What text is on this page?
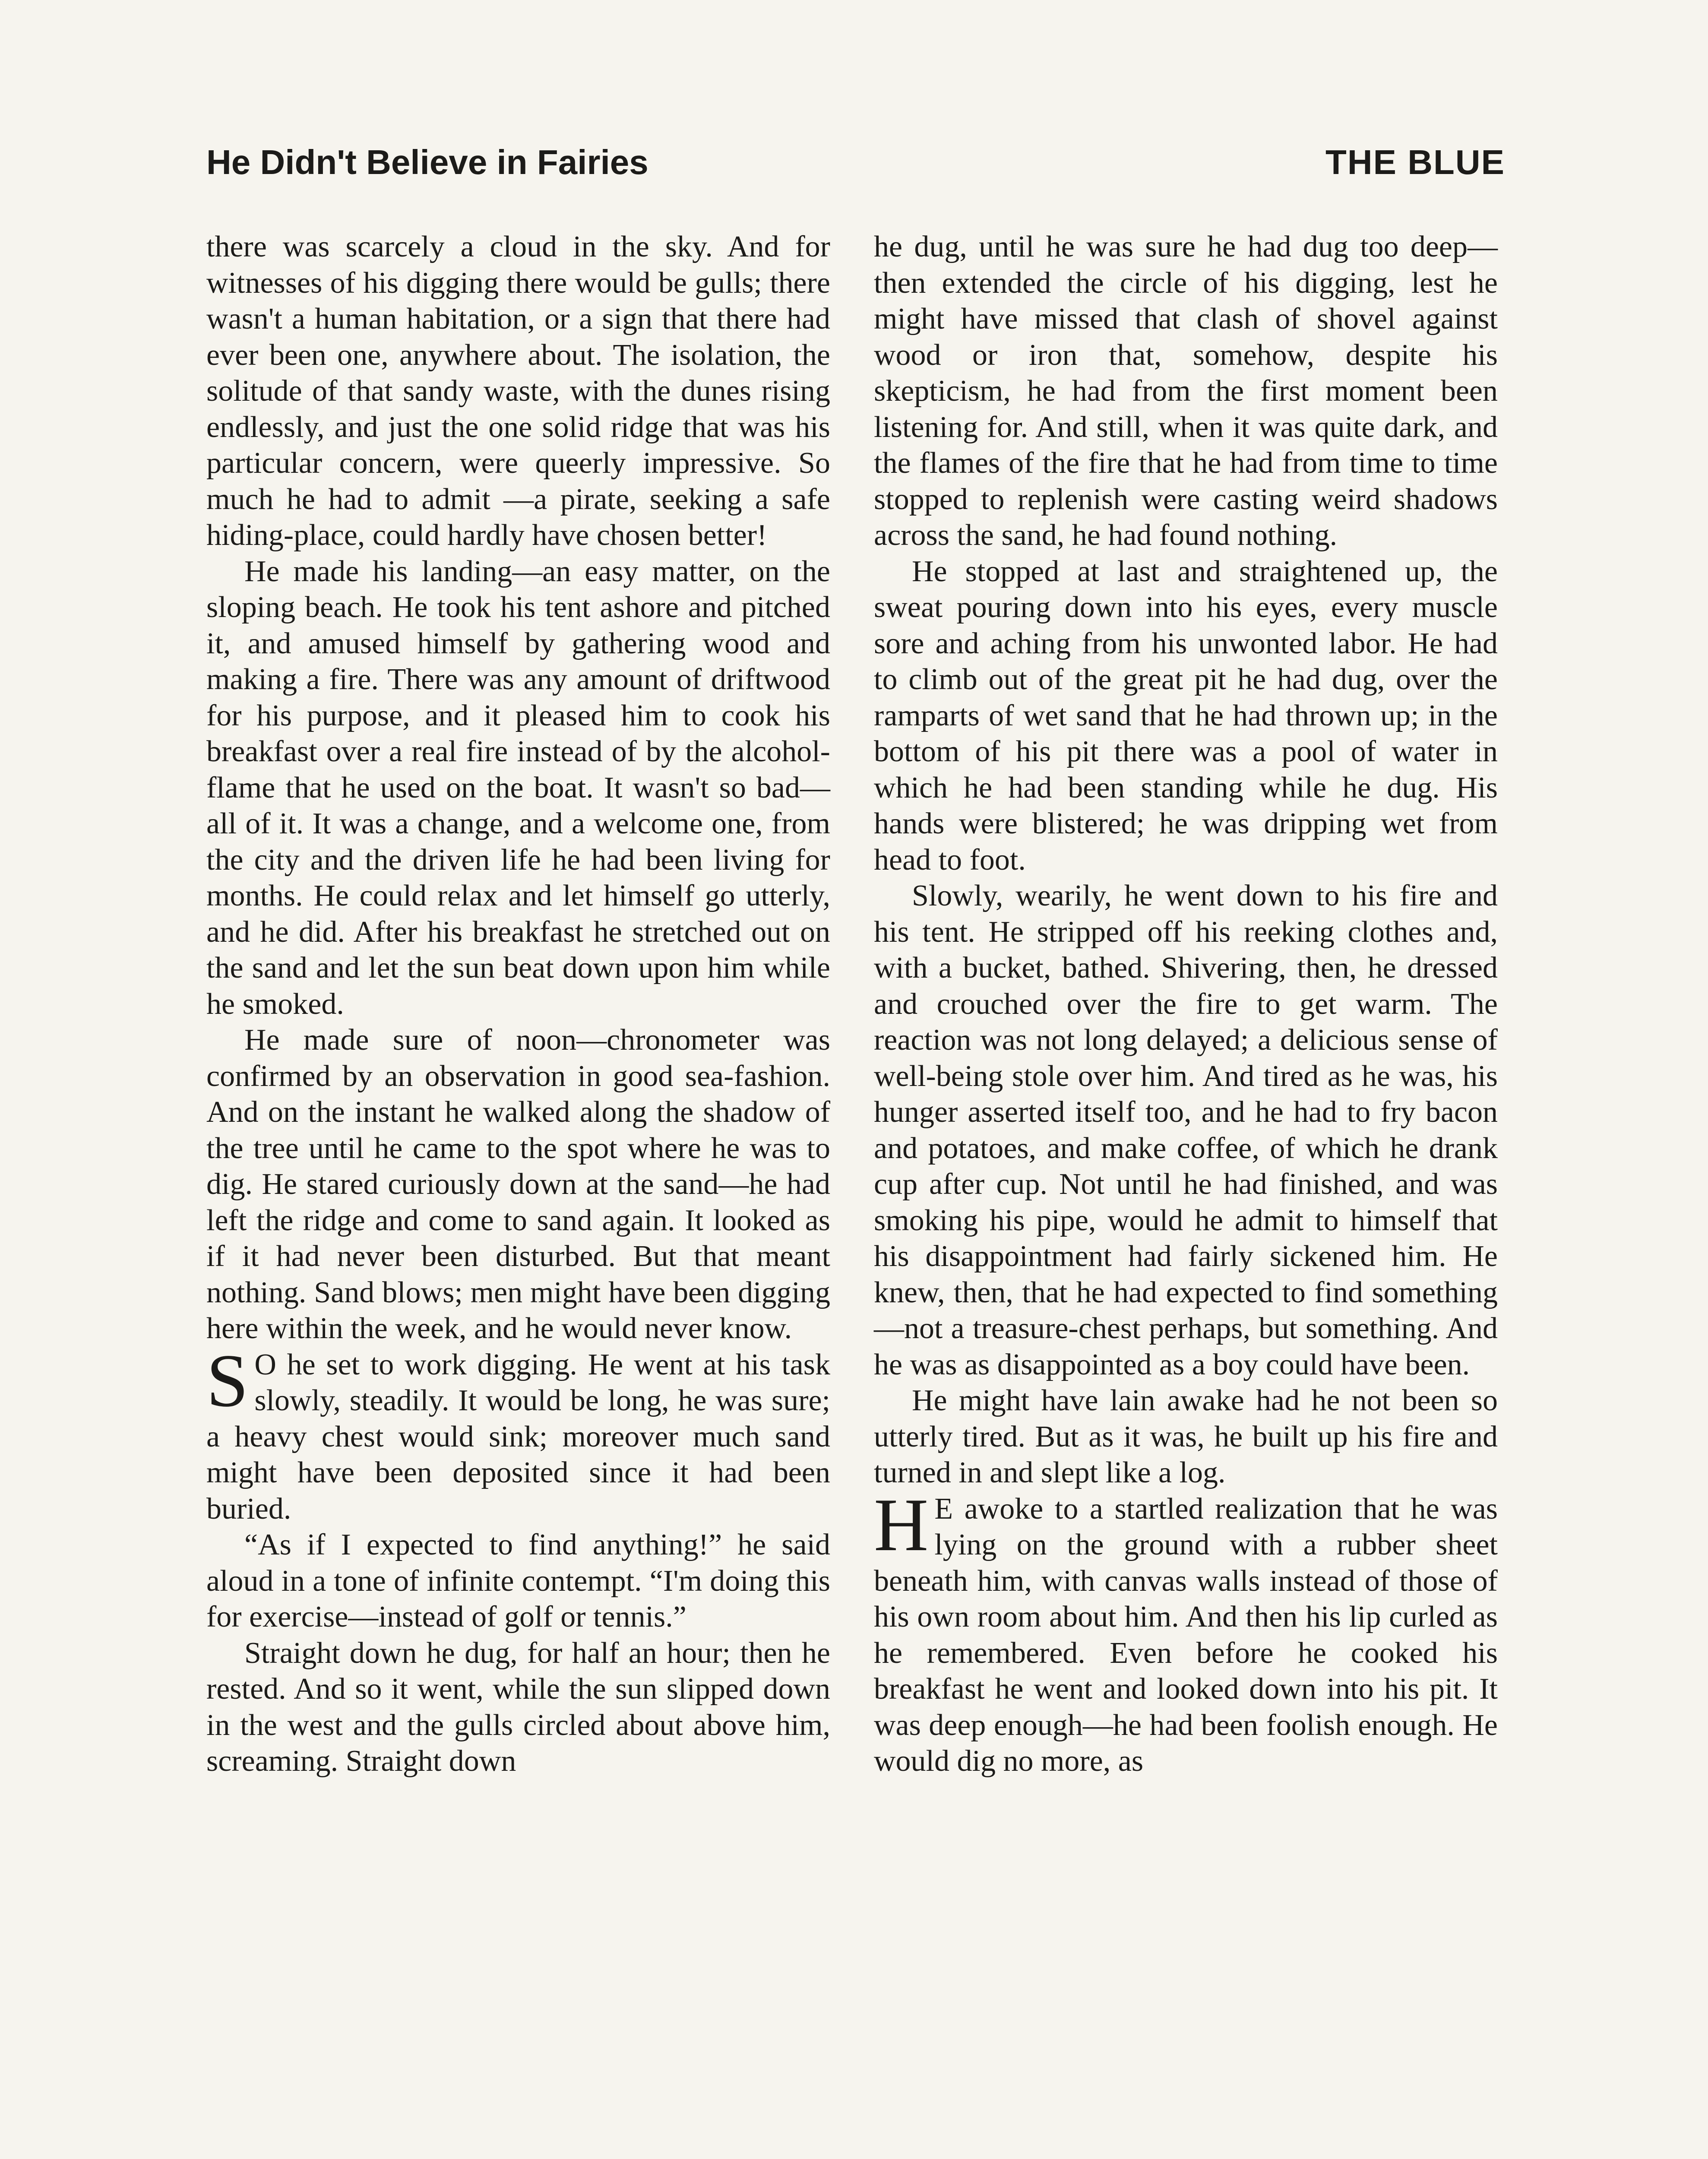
He Didn't Believe in Fairies	THE BLUE

there was scarcely a cloud in the sky. And for witnesses of his digging there would be gulls; there wasn't a human habitation, or a sign that there had ever been one, anywhere about. The isolation, the solitude of that sandy waste, with the dunes rising endlessly, and just the one solid ridge that was his particular concern, were queerly impressive. So much he had to admit —a pirate, seeking a safe hiding-place, could hardly have chosen better!

He made his landing—an easy matter, on the sloping beach. He took his tent ashore and pitched it, and amused himself by gathering wood and making a fire. There was any amount of driftwood for his purpose, and it pleased him to cook his breakfast over a real fire instead of by the alcohol-flame that he used on the boat. It wasn't so bad—all of it. It was a change, and a welcome one, from the city and the driven life he had been living for months. He could relax and let himself go utterly, and he did. After his breakfast he stretched out on the sand and let the sun beat down upon him while he smoked.

He made sure of noon—chronometer was confirmed by an observation in good sea-fashion. And on the instant he walked along the shadow of the tree until he came to the spot where he was to dig. He stared curiously down at the sand—he had left the ridge and come to sand again. It looked as if it had never been disturbed. But that meant nothing. Sand blows; men might have been digging here within the week, and he would never know.

S O he set to work digging. He went at his task slowly, steadily. It would be long, he was sure; a heavy chest would sink; moreover much sand might have been deposited since it had been buried.

“As if I expected to find anything!” he said aloud in a tone of infinite contempt. “I'm doing this for exercise—instead of golf or tennis.”

Straight down he dug, for half an hour; then he rested. And so it went, while the sun slipped down in the west and the gulls circled about above him, screaming. Straight down

he dug, until he was sure he had dug too deep—then extended the circle of his digging, lest he might have missed that clash of shovel against wood or iron that, somehow, despite his skepticism, he had from the first moment been listening for. And still, when it was quite dark, and the flames of the fire that he had from time to time stopped to replenish were casting weird shadows across the sand, he had found nothing.

He stopped at last and straightened up, the sweat pouring down into his eyes, every muscle sore and aching from his unwonted labor. He had to climb out of the great pit he had dug, over the ramparts of wet sand that he had thrown up; in the bottom of his pit there was a pool of water in which he had been standing while he dug. His hands were blistered; he was dripping wet from head to foot.

Slowly, wearily, he went down to his fire and his tent. He stripped off his reeking clothes and, with a bucket, bathed. Shivering, then, he dressed and crouched over the fire to get warm. The reaction was not long delayed; a delicious sense of well-being stole over him. And tired as he was, his hunger asserted itself too, and he had to fry bacon and potatoes, and make coffee, of which he drank cup after cup. Not until he had finished, and was smoking his pipe, would he admit to himself that his disappointment had fairly sickened him. He knew, then, that he had expected to find something—not a treasure-chest perhaps, but something. And he was as disappointed as a boy could have been.

He might have lain awake had he not been so utterly tired. But as it was, he built up his fire and turned in and slept like a log.

H E awoke to a startled realization that he was lying on the ground with a rubber sheet beneath him, with canvas walls instead of those of his own room about him. And then his lip curled as he remembered. Even before he cooked his breakfast he went and looked down into his pit. It was deep enough—he had been foolish enough. He would dig no more, as
